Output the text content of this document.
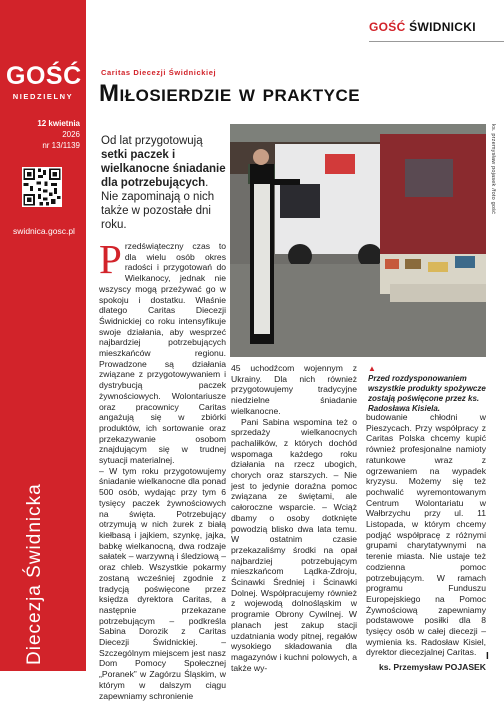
GOŚĆ
NIEDZIELNY
12 kwietnia
2026
nr 13/1139
swidnica.gosc.pl
Diecezja Świdnicka
GOŚĆ ŚWIDNICKI
Caritas Diecezji Świdnickiej
Miłosierdzie w praktyce
Od lat przygotowują setki paczek i wielkanocne śniadanie dla potrzebujących. Nie zapominają o nich także w pozostałe dni roku.
ks. przemysław pojasek /foto gość
▲
Przed rozdysponowaniem wszystkie produkty spożywcze zostają poświęcone przez ks. Radosława Kisiela.
P rzedświąteczny czas to dla wielu osób okres radości i przygotowań do Wielkanocy, jednak nie wszyscy mogą przeżywać go w spokoju i dostatku. Właśnie dlatego Caritas Diecezji Świdnickiej co roku intensyfikuje swoje działania, aby wesprzeć najbardziej potrzebujących mieszkańców regionu. Prowadzone są działania związane z przygotowywaniem i dystrybucją paczek żywnościowych. Wolontariusze oraz pracownicy Caritas angażują się w zbiórki produktów, ich sortowanie oraz przekazywanie osobom znajdującym się w trudnej sytuacji materialnej.

– W tym roku przygotowujemy śniadanie wielkanocne dla ponad 500 osób, wydając przy tym 6 tysięcy paczek żywnościowych na święta. Potrzebujący otrzymują w nich żurek z białą kiełbasą i jajkiem, szynkę, jajka, babkę wielkanocną, dwa rodzaje sałatek – warzywną i śledziową – oraz chleb. Wszystkie pokarmy zostaną wcześniej zgodnie z tradycją poświęcone przez księdza dyrektora Caritas, a następnie przekazane potrzebującym – podkreśla Sabina Dorozik z Caritas Diecezji Świdnickiej. – Szczególnym miejscem jest nasz Dom Pomocy Społecznej „Poranek” w Zagórzu Śląskim, w którym w dalszym ciągu zapewniamy schronienie

45 uchodźcom wojennym z Ukrainy. Dla nich również przygotowujemy tradycyjne niedzielne śniadanie wielkanocne.

Pani Sabina wspomina też o sprzedaży wielkanocnych pachaliłków, z których dochód wspomaga każdego roku działania na rzecz ubogich, chorych oraz starszych. – Nie jest to jedynie doraźna pomoc związana ze świętami, ale całoroczne wsparcie. – Wciąż dbamy o osoby dotknięte powodzią blisko dwa lata temu. W ostatnim czasie przekazaliśmy środki na opał najbardziej potrzebującym mieszkańcom Lądka-Zdroju, Ścinawki Średniej i Ścinawki Dolnej. Współpracujemy również z wojewodą dolnośląskim w programie Obrony Cywilnej. W planach jest zakup stacji uzdatniania wody pitnej, regałów wysokiego składowania dla magazynów i kuchni polowych, a także wy-

budowanie chłodni w Pieszycach. Przy współpracy z Caritas Polska chcemy kupić również profesjonalne namioty ratunkowe wraz z ogrzewaniem na wypadek kryzysu. Możemy się też pochwalić wyremontowanym Centrum Wolontariatu w Wałbrzychu przy ul. 11 Listopada, w którym chcemy podjąć współpracę z różnymi grupami charytatywnymi na terenie miasta. Nie ustaje też codzienna pomoc potrzebującym. W ramach programu Funduszu Europejskiego na Pomoc Żywnościową zapewniamy podstawowe posiłki dla 8 tysięcy osób w całej diecezji – wymienia ks. Radosław Kisiel, dyrektor diecezjalnej Caritas.

ks. Przemysław POJASEK
I
